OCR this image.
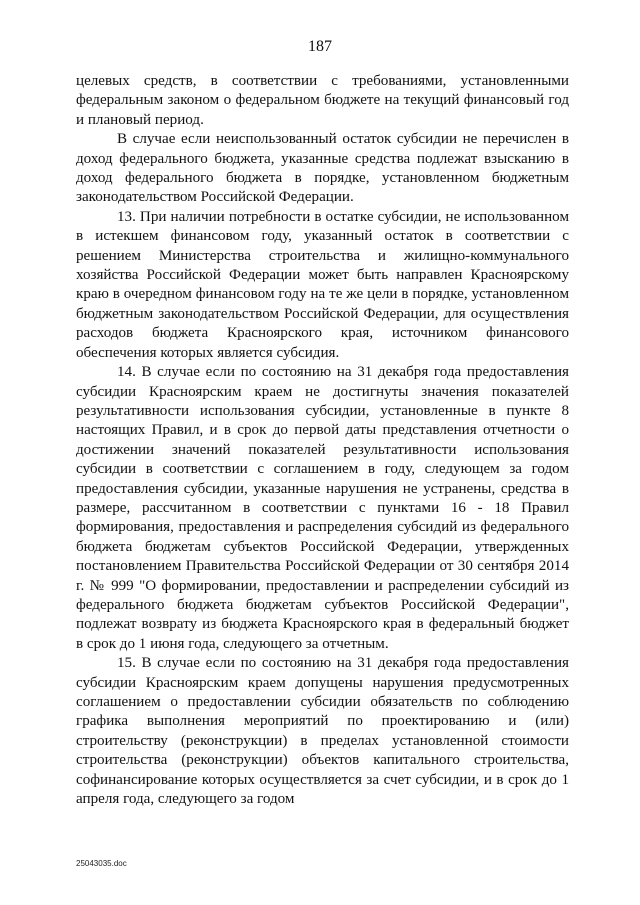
187

целевых средств, в соответствии с требованиями, установленными федеральным законом о федеральном бюджете на текущий финансовый год и плановый период.

В случае если неиспользованный остаток субсидии не перечислен в доход федерального бюджета, указанные средства подлежат взысканию в доход федерального бюджета в порядке, установленном бюджетным законодательством Российской Федерации.

13. При наличии потребности в остатке субсидии, не использованном в истекшем финансовом году, указанный остаток в соответствии с решением Министерства строительства и жилищно-коммунального хозяйства Российской Федерации может быть направлен Красноярскому краю в очередном финансовом году на те же цели в порядке, установленном бюджетным законодательством Российской Федерации, для осуществления расходов бюджета Красноярского края, источником финансового обеспечения которых является субсидия.

14. В случае если по состоянию на 31 декабря года предоставления субсидии Красноярским краем не достигнуты значения показателей результативности использования субсидии, установленные в пункте 8 настоящих Правил, и в срок до первой даты представления отчетности о достижении значений показателей результативности использования субсидии в соответствии с соглашением в году, следующем за годом предоставления субсидии, указанные нарушения не устранены, средства в размере, рассчитанном в соответствии с пунктами 16 - 18 Правил формирования, предоставления и распределения субсидий из федерального бюджета бюджетам субъектов Российской Федерации, утвержденных постановлением Правительства Российской Федерации от 30 сентября 2014 г. № 999 "О формировании, предоставлении и распределении субсидий из федерального бюджета бюджетам субъектов Российской Федерации", подлежат возврату из бюджета Красноярского края в федеральный бюджет в срок до 1 июня года, следующего за отчетным.

15. В случае если по состоянию на 31 декабря года предоставления субсидии Красноярским краем допущены нарушения предусмотренных соглашением о предоставлении субсидии обязательств по соблюдению графика выполнения мероприятий по проектированию и (или) строительству (реконструкции) в пределах установленной стоимости строительства (реконструкции) объектов капитального строительства, софинансирование которых осуществляется за счет субсидии, и в срок до 1 апреля года, следующего за годом

25043035.doc
